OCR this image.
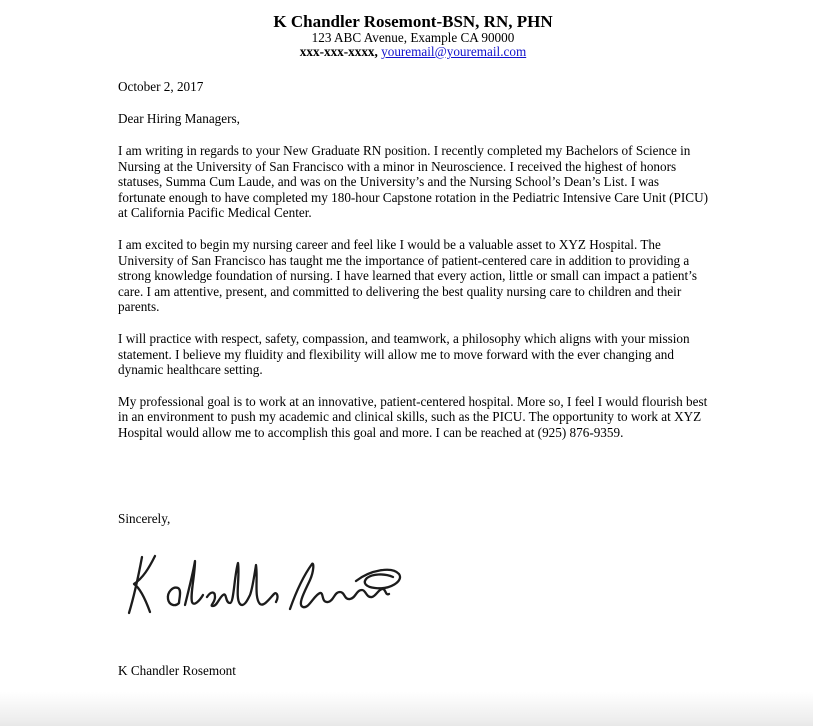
K Chandler Rosemont-BSN, RN, PHN
123 ABC Avenue, Example CA 90000
xxx-xxx-xxxx, youremail@youremail.com
October 2, 2017
Dear Hiring Managers,

I am writing in regards to your New Graduate RN position. I recently completed my Bachelors of Science in Nursing at the University of San Francisco with a minor in Neuroscience. I received the highest of honors statuses, Summa Cum Laude, and was on the University’s and the Nursing School’s Dean’s List. I was fortunate enough to have completed my 180-hour Capstone rotation in the Pediatric Intensive Care Unit (PICU) at California Pacific Medical Center.

I am excited to begin my nursing career and feel like I would be a valuable asset to XYZ Hospital. The University of San Francisco has taught me the importance of patient-centered care in addition to providing a strong knowledge foundation of nursing. I have learned that every action, little or small can impact a patient’s care. I am attentive, present, and committed to delivering the best quality nursing care to children and their parents.

I will practice with respect, safety, compassion, and teamwork, a philosophy which aligns with your mission statement. I believe my fluidity and flexibility will allow me to move forward with the ever changing and dynamic healthcare setting.

My professional goal is to work at an innovative, patient-centered hospital. More so, I feel I would flourish best in an environment to push my academic and clinical skills, such as the PICU. The opportunity to work at XYZ Hospital would allow me to accomplish this goal and more. I can be reached at (925) 876-9359.

Sincerely,
K Chandler Rosemont
